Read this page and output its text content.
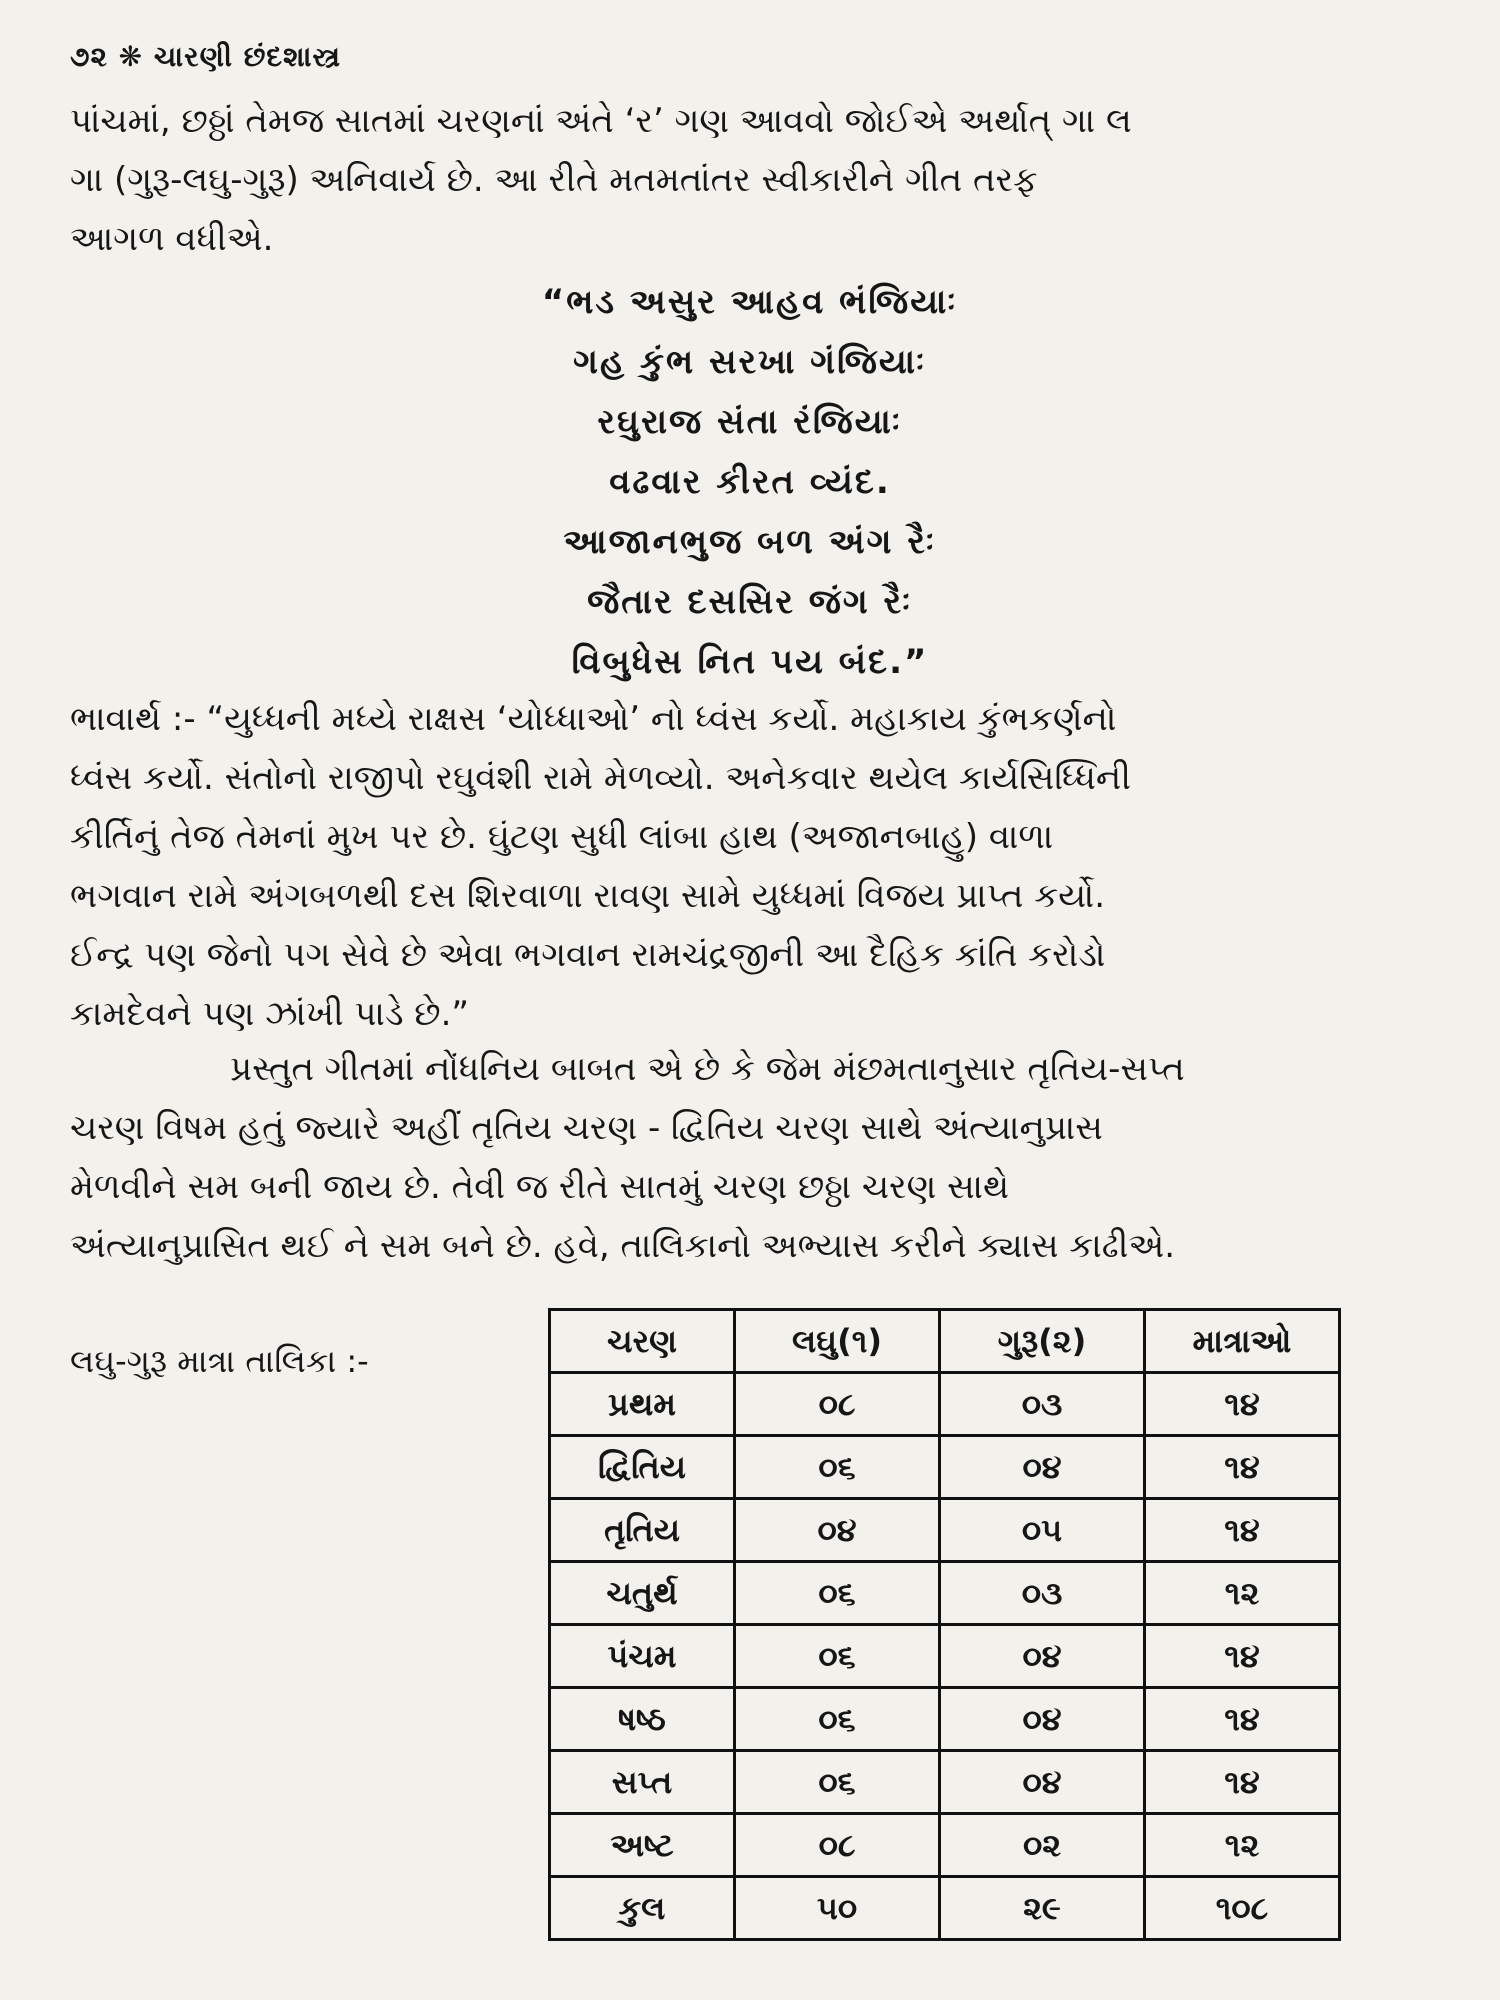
૭૨ ❋ ચારણી છંદશાસ્ત્ર
પાંચમાં, છઠ્ઠાં તેમજ સાતમાં ચરણનાં અંતે ‘ર’ ગણ આવવો જોઈએ અર્થાત્ ગા લ
ગા (ગુરૂ-લઘુ-ગુરૂ) અનિવાર્ય છે. આ રીતે મતમતાંતર સ્વીકારીને ગીત તરફ
આગળ વધીએ.
“ભડ અસુર આહવ ભંજિયાઃ
ગહ કુંભ સરખા ગંજિયાઃ
રઘુરાજ સંતા રંજિયાઃ
વઢવાર કીરત વ્યંદ.
આજાનભુજ બળ અંગ રૈઃ
જૈતાર દસસિર જંગ રૈઃ
વિબુધેસ નિત પય બંદ.”
ભાવાર્થ :- “યુધ્ધની મધ્યે રાક્ષસ ‘યોધ્ધાઓ’ નો ધ્વંસ કર્યો. મહાકાય કુંભકર્ણનો
ધ્વંસ કર્યો. સંતોનો રાજીપો રઘુવંશી રામે મેળવ્યો. અનેકવાર થયેલ કાર્યસિધ્ધિની
કીર્તિનું તેજ તેમનાં મુખ પર છે. ઘુંટણ સુધી લાંબા હાથ (અજાનબાહુ) વાળા
ભગવાન રામે અંગબળથી દસ શિરવાળા રાવણ સામે યુધ્ધમાં વિજય પ્રાપ્ત કર્યો.
ઈન્દ્ર પણ જેનો પગ સેવે છે એવા ભગવાન રામચંદ્રજીની આ દૈહિક કાંતિ કરોડો
કામદેવને પણ ઝાંખી પાડે છે.”
પ્રસ્તુત ગીતમાં નોંધનિય બાબત એ છે કે જેમ મંછમતાનુસાર તૃતિય-સપ્ત
ચરણ વિષમ હતું જ્યારે અહીં તૃતિય ચરણ - દ્વિતિય ચરણ સાથે અંત્યાનુપ્રાસ
મેળવીને સમ બની જાય છે. તેવી જ રીતે સાતમું ચરણ છઠ્ઠા ચરણ સાથે
અંત્યાનુપ્રાસિત થઈ ને સમ બને છે. હવે, તાલિકાનો અભ્યાસ કરીને ક્યાસ કાઢીએ.
લઘુ-ગુરૂ માત્રા તાલિકા :-
ચરણ	લઘુ(૧)	ગુરૂ(૨)	માત્રાઓ
પ્રથમ	૦૮	૦૩	૧૪
દ્વિતિય	૦૬	૦૪	૧૪
તૃતિય	૦૪	૦૫	૧૪
ચતુર્થ	૦૬	૦૩	૧૨
પંચમ	૦૬	૦૪	૧૪
ષષ્ઠ	૦૬	૦૪	૧૪
સપ્ત	૦૬	૦૪	૧૪
અષ્ટ	૦૮	૦૨	૧૨
કુલ	૫૦	૨૯	૧૦૮
